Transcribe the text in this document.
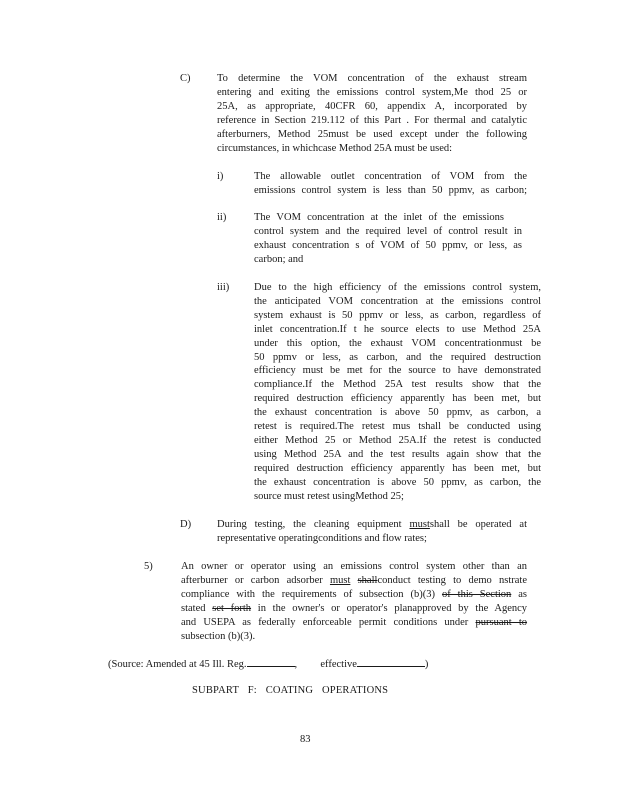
C)	To determine the VOM concentration of the exhaust stream
entering and exiting the emissions control system,Me thod 25 or
25A, as appropriate, 40CFR 60, appendix A, incorporated by
reference in Section 219.112 of this Part . For thermal and catalytic
afterburners, Method 25must be used except under the following
circumstances, in whichcase Method 25A must be used:
i)	The allowable outlet concentration of VOM from the
emissions control system is less than 50 ppmv, as carbon;
ii)	The VOM concentration at the inlet of the emissions
control system and the required level of control result in
exhaust concentration s of VOM of 50 ppmv, or less, as
carbon; and
iii) Due to the high efficiency of the emissions control system,
the anticipated VOM concentration at the emissions control
system exhaust is 50 ppmv or less, as carbon, regardless of
inlet concentration.If t he source elects to use Method 25A
under this option, the exhaust VOM concentrationmust be
50 ppmv or less, as carbon, and the required destruction
efficiency must be met for the source to have demonstrated
compliance.If the Method 25A test results show that the
required destruction efficiency apparently has been met, but
the exhaust concentration is above 50 ppmv, as carbon, a
retest is required.The retest mus tshall be conducted using
either Method 25 or Method 25A.If the retest is conducted
using Method 25A and the test results again show that the
required destruction efficiency apparently has been met, but
the exhaust concentration is above 50 ppmv, as carbon, the
source must retest usingMethod 25;
D) During testing, the cleaning equipment mustshall be operated at
representative operatingconditions and flow rates;
5)	An owner or operator using an emissions control system other than an
afterburner or carbon adsorber must shallconduct testing to demo nstrate
compliance with the requirements of subsection (b)(3) of this Section as
stated set forth in the owner's or operator's planapproved by the Agency
and USEPA as federally enforceable permit conditions under pursuant to
subsection (b)(3).
(Source: Amended at 45 Ill. Reg.	, effective	)
SUBPART F: COATING OPERATIONS
83
